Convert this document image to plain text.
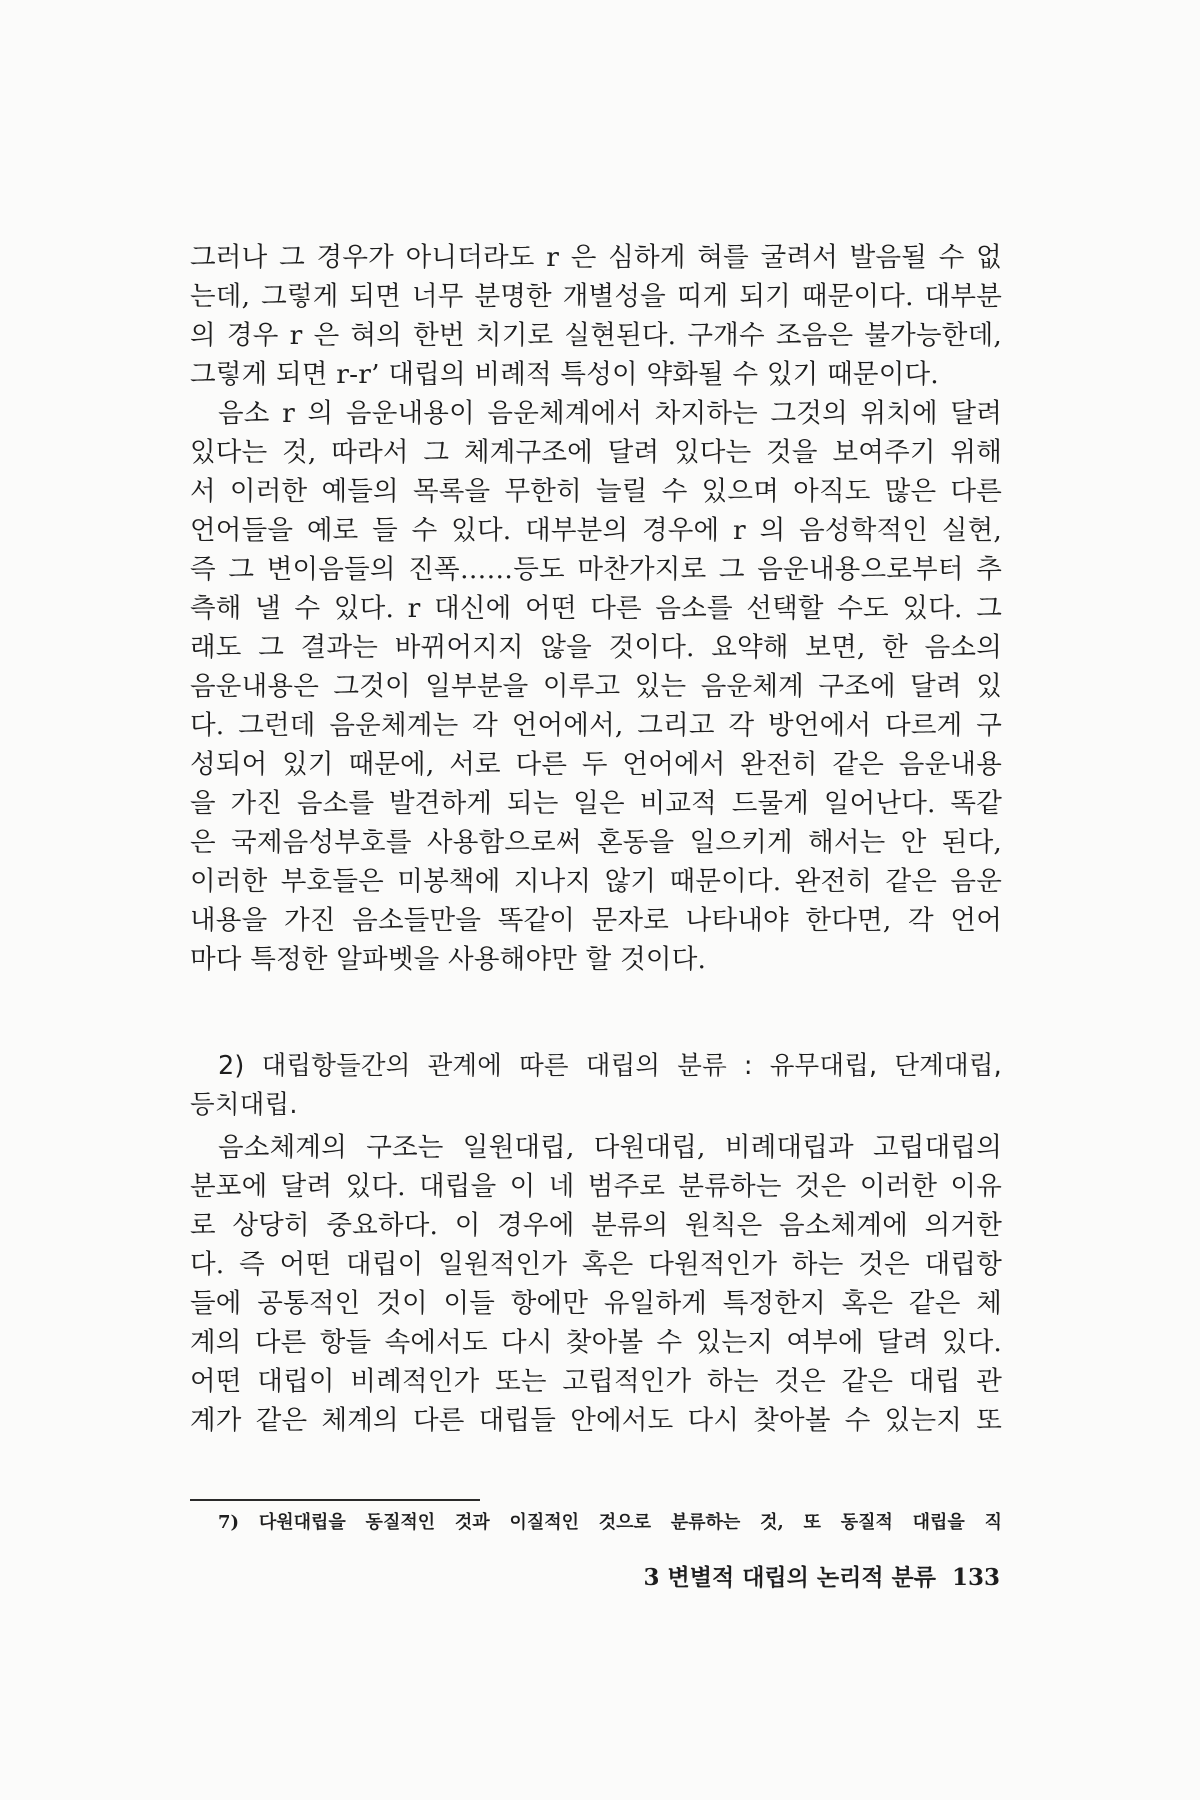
그러나 그 경우가 아니더라도 r 은 심하게 혀를 굴려서 발음될 수 없
는데, 그렇게 되면 너무 분명한 개별성을 띠게 되기 때문이다. 대부분
의 경우 r 은 혀의 한번 치기로 실현된다. 구개수 조음은 불가능한데,
그렇게 되면 r-r’ 대립의 비례적 특성이 약화될 수 있기 때문이다.
음소 r 의 음운내용이 음운체계에서 차지하는 그것의 위치에 달려
있다는 것, 따라서 그 체계구조에 달려 있다는 것을 보여주기 위해
서 이러한 예들의 목록을 무한히 늘릴 수 있으며 아직도 많은 다른
언어들을 예로 들 수 있다. 대부분의 경우에 r 의 음성학적인 실현,
즉 그 변이음들의 진폭……등도 마찬가지로 그 음운내용으로부터 추
측해 낼 수 있다. r 대신에 어떤 다른 음소를 선택할 수도 있다. 그
래도 그 결과는 바뀌어지지 않을 것이다. 요약해 보면, 한 음소의
음운내용은 그것이 일부분을 이루고 있는 음운체계 구조에 달려 있
다. 그런데 음운체계는 각 언어에서, 그리고 각 방언에서 다르게 구
성되어 있기 때문에, 서로 다른 두 언어에서 완전히 같은 음운내용
을 가진 음소를 발견하게 되는 일은 비교적 드물게 일어난다. 똑같
은 국제음성부호를 사용함으로써 혼동을 일으키게 해서는 안 된다,
이러한 부호들은 미봉책에 지나지 않기 때문이다. 완전히 같은 음운
내용을 가진 음소들만을 똑같이 문자로 나타내야 한다면, 각 언어
마다 특정한 알파벳을 사용해야만 할 것이다.
2) 대립항들간의 관계에 따른 대립의 분류 : 유무대립, 단계대립,
등치대립.
음소체계의 구조는 일원대립, 다원대립, 비례대립과 고립대립의
분포에 달려 있다. 대립을 이 네 범주로 분류하는 것은 이러한 이유
로 상당히 중요하다. 이 경우에 분류의 원칙은 음소체계에 의거한
다. 즉 어떤 대립이 일원적인가 혹은 다원적인가 하는 것은 대립항
들에 공통적인 것이 이들 항에만 유일하게 특정한지 혹은 같은 체
계의 다른 항들 속에서도 다시 찾아볼 수 있는지 여부에 달려 있다.
어떤 대립이 비례적인가 또는 고립적인가 하는 것은 같은 대립 관
계가 같은 체계의 다른 대립들 안에서도 다시 찾아볼 수 있는지 또
7) 다원대립을 동질적인 것과 이질적인 것으로 분류하는 것, 또 동질적 대립을 직
3 변별적 대립의 논리적 분류 133
